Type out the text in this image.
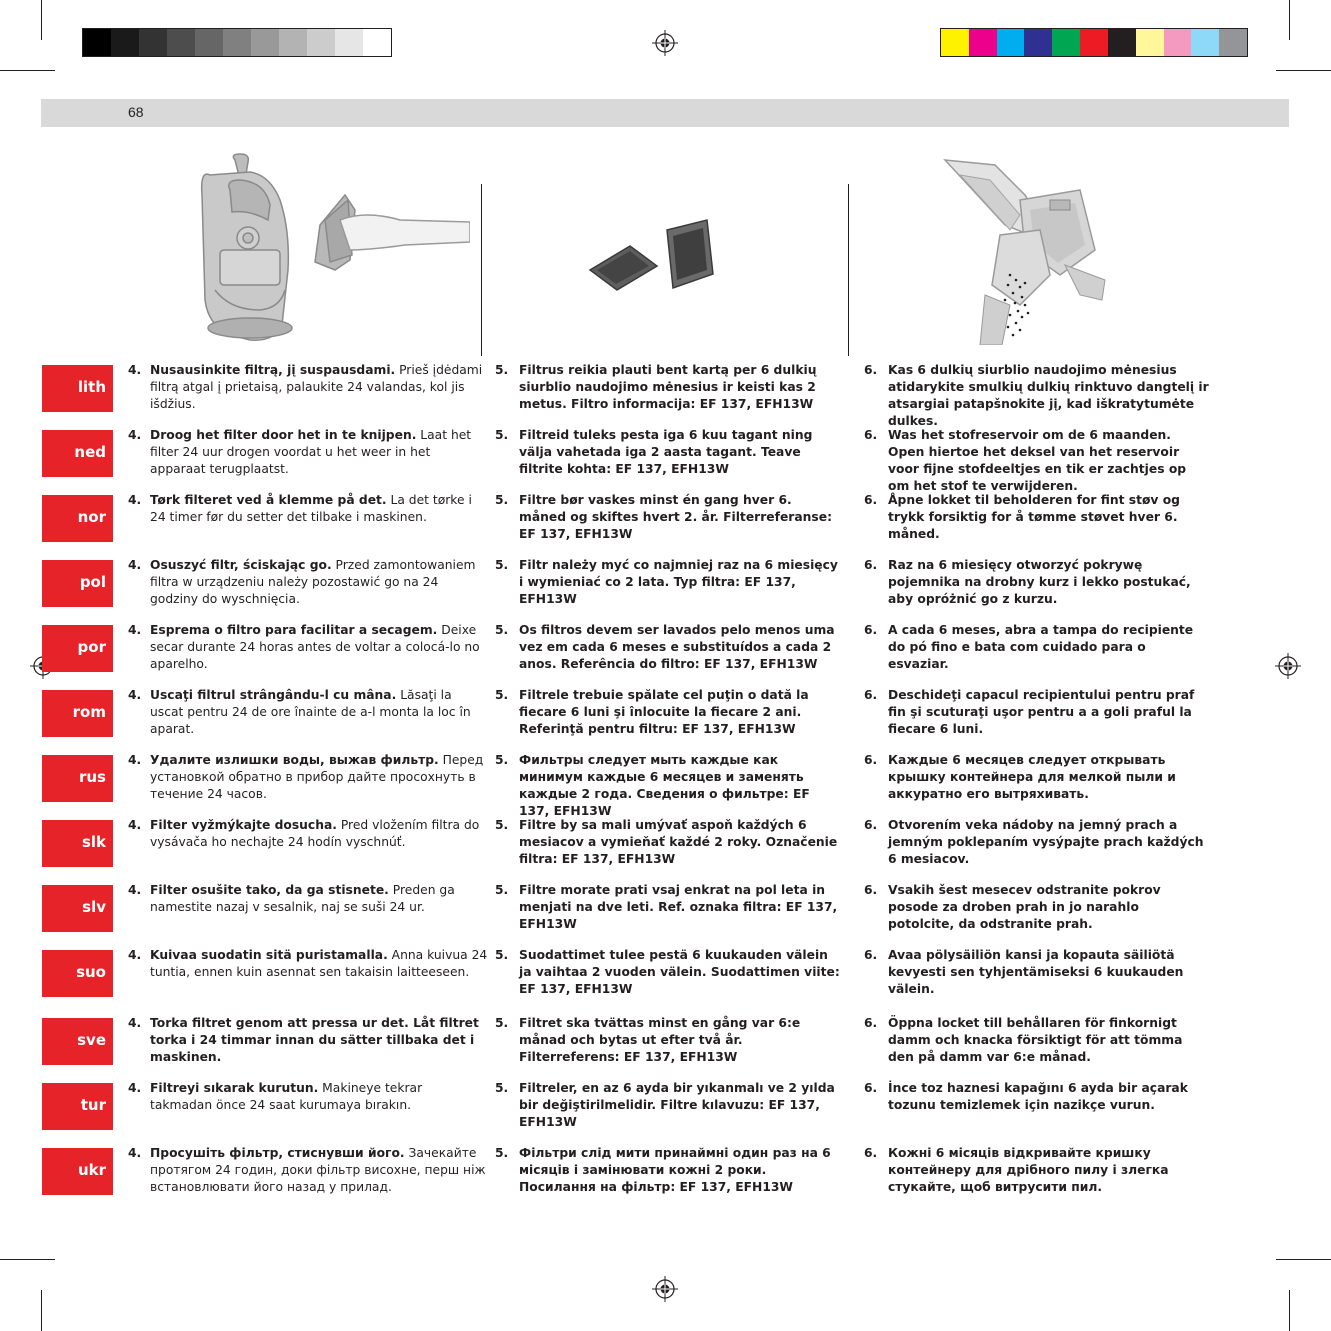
68
lith
4. Nusausinkite filtrą, jį suspausdami. Prieš įdėdami filtrą atgal į prietaisą, palaukite 24 valandas, kol jis išdžius.
5. Filtrus reikia plauti bent kartą per 6 dulkių siurblio naudojimo mėnesius ir keisti kas 2 metus. Filtro informacija: EF 137, EFH13W
6. Kas 6 dulkių siurblio naudojimo mėnesius atidarykite smulkių dulkių rinktuvo dangtelį ir atsargiai patapšnokite jį, kad iškratytumėte dulkes.
ned
4. Droog het filter door het in te knijpen. Laat het filter 24 uur drogen voordat u het weer in het apparaat terugplaatst.
5. Filtreid tuleks pesta iga 6 kuu tagant ning välja vahetada iga 2 aasta tagant. Teave filtrite kohta: EF 137, EFH13W
6. Was het stofreservoir om de 6 maanden. Open hiertoe het deksel van het reservoir voor fijne stofdeeltjes en tik er zachtjes op om het stof te verwijderen.
nor
4. Tørk filteret ved å klemme på det. La det tørke i 24 timer før du setter det tilbake i maskinen.
5. Filtre bør vaskes minst én gang hver 6. måned og skiftes hvert 2. år. Filterreferanse: EF 137, EFH13W
6. Åpne lokket til beholderen for fint støv og trykk forsiktig for å tømme støvet hver 6. måned.
pol
4. Osuszyć filtr, ściskając go. Przed zamontowaniem filtra w urządzeniu należy pozostawić go na 24 godziny do wyschnięcia.
5. Filtr należy myć co najmniej raz na 6 miesięcy i wymieniać co 2 lata. Typ filtra: EF 137, EFH13W
6. Raz na 6 miesięcy otworzyć pokrywę pojemnika na drobny kurz i lekko postukać, aby opróżnić go z kurzu.
por
4. Esprema o filtro para facilitar a secagem. Deixe secar durante 24 horas antes de voltar a colocá-lo no aparelho.
5. Os filtros devem ser lavados pelo menos uma vez em cada 6 meses e substituídos a cada 2 anos. Referência do filtro: EF 137, EFH13W
6. A cada 6 meses, abra a tampa do recipiente do pó fino e bata com cuidado para o esvaziar.
rom
4. Uscaţi filtrul strângându-l cu mâna. Lăsaţi la uscat pentru 24 de ore înainte de a-l monta la loc în aparat.
5. Filtrele trebuie spălate cel puţin o dată la fiecare 6 luni şi înlocuite la fiecare 2 ani. Referinţă pentru filtru: EF 137, EFH13W
6. Deschideţi capacul recipientului pentru praf fin şi scuturaţi uşor pentru a a goli praful la fiecare 6 luni.
rus
4. Удалите излишки воды, выжав фильтр. Перед установкой обратно в прибор дайте просохнуть в течение 24 часов.
5. Фильтры следует мыть каждые как минимум каждые 6 месяцев и заменять каждые 2 года. Сведения о фильтре: EF 137, EFH13W
6. Каждые 6 месяцев следует открывать крышку контейнера для мелкой пыли и аккуратно его вытряхивать.
slk
4. Filter vyžmýkajte dosucha. Pred vložením filtra do vysávača ho nechajte 24 hodín vyschnúť.
5. Filtre by sa mali umývať aspoň každých 6 mesiacov a vymieňať každé 2 roky. Označenie filtra: EF 137, EFH13W
6. Otvorením veka nádoby na jemný prach a jemným poklepaním vysýpajte prach každých 6 mesiacov.
slv
4. Filter osušite tako, da ga stisnete. Preden ga namestite nazaj v sesalnik, naj se suši 24 ur.
5. Filtre morate prati vsaj enkrat na pol leta in menjati na dve leti. Ref. oznaka filtra: EF 137, EFH13W
6. Vsakih šest mesecev odstranite pokrov posode za droben prah in jo narahlo potolcite, da odstranite prah.
suo
4. Kuivaa suodatin sitä puristamalla. Anna kuivua 24 tuntia, ennen kuin asennat sen takaisin laitteeseen.
5. Suodattimet tulee pestä 6 kuukauden välein ja vaihtaa 2 vuoden välein. Suodattimen viite: EF 137, EFH13W
6. Avaa pölysäiliön kansi ja kopauta säiliötä kevyesti sen tyhjentämiseksi 6 kuukauden välein.
sve
4. Torka filtret genom att pressa ur det. Låt filtret torka i 24 timmar innan du sätter tillbaka det i maskinen.
5. Filtret ska tvättas minst en gång var 6:e månad och bytas ut efter två år. Filterreferens: EF 137, EFH13W
6. Öppna locket till behållaren för finkornigt damm och knacka försiktigt för att tömma den på damm var 6:e månad.
tur
4. Filtreyi sıkarak kurutun. Makineye tekrar takmadan önce 24 saat kurumaya bırakın.
5. Filtreler, en az 6 ayda bir yıkanmalı ve 2 yılda bir değiştirilmelidir. Filtre kılavuzu: EF 137, EFH13W
6. İnce toz haznesi kapağını 6 ayda bir açarak tozunu temizlemek için nazikçe vurun.
ukr
4. Просушіть фільтр, стиснувши його. Зачекайте протягом 24 годин, доки фільтр висохне, перш ніж встановлювати його назад у прилад.
5. Фільтри слід мити принаймні один раз на 6 місяців і замінювати кожні 2 роки. Посилання на фільтр: EF 137, EFH13W
6. Кожні 6 місяців відкривайте кришку контейнеру для дрібного пилу і злегка стукайте, щоб витрусити пил.
